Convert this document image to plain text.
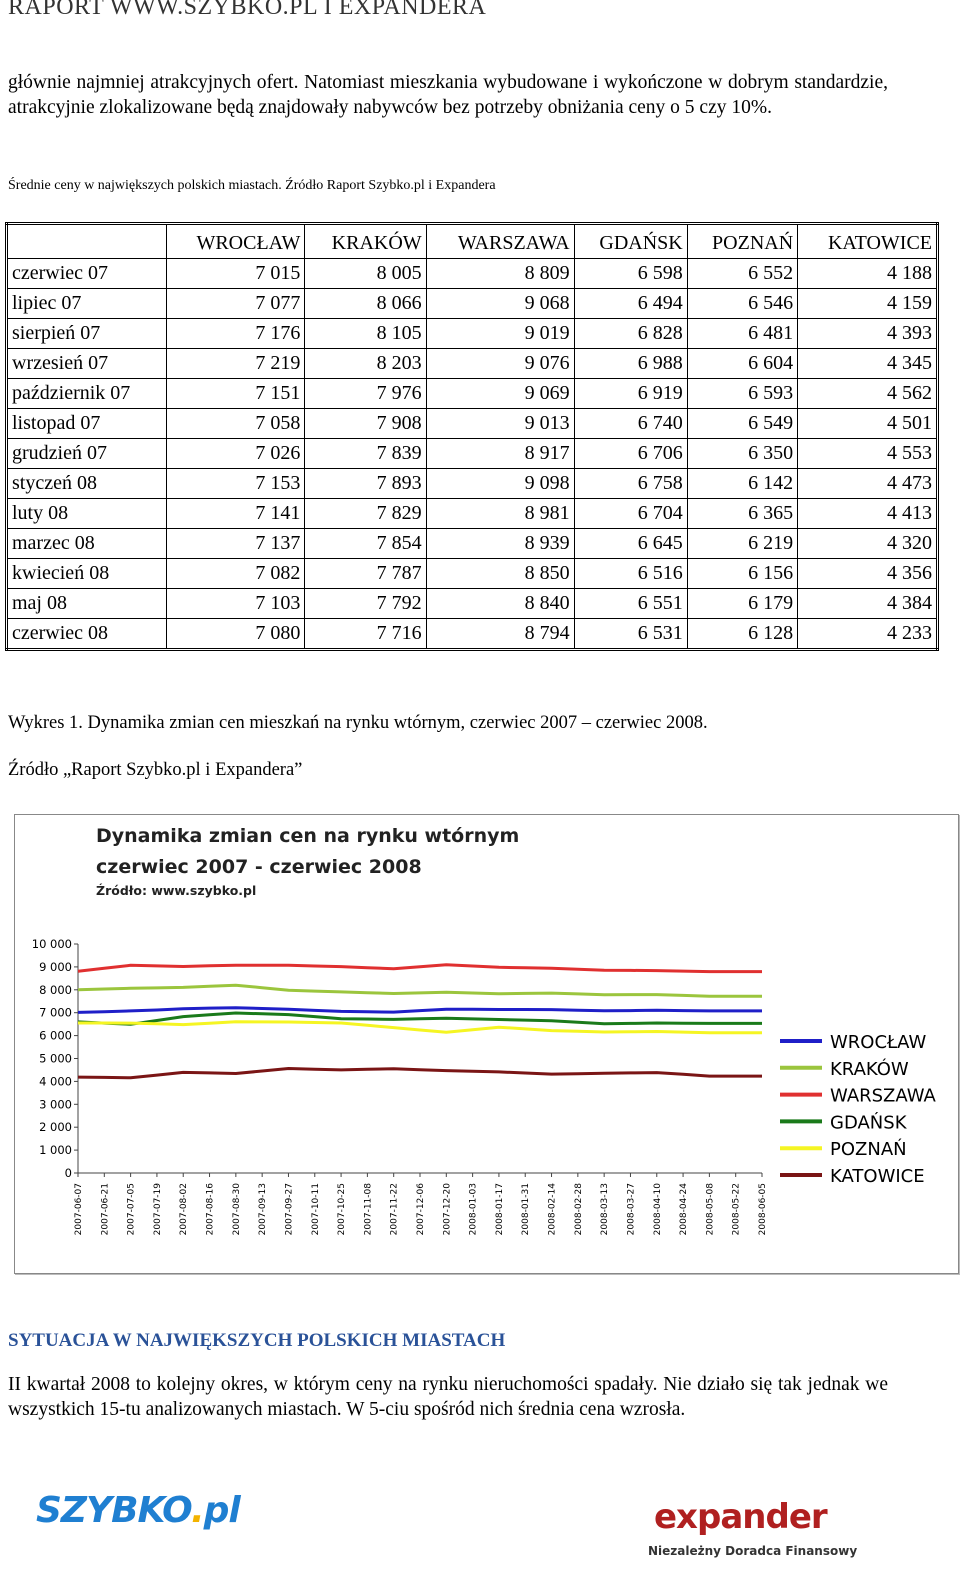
RAPORT WWW.SZYBKO.PL I EXPANDERA
głównie najmniej atrakcyjnych ofert. Natomiast mieszkania wybudowane i wykończone w dobrym standardzie, atrakcyjnie zlokalizowane będą znajdowały nabywców bez potrzeby obniżania ceny o 5 czy 10%.
Średnie ceny w największych polskich miastach. Źródło Raport Szybko.pl i Expandera
	WROCŁAW	KRAKÓW	WARSZAWA	GDAŃSK	POZNAŃ	KATOWICE
czerwiec 07	7 015	8 005	8 809	6 598	6 552	4 188
lipiec 07	7 077	8 066	9 068	6 494	6 546	4 159
sierpień 07	7 176	8 105	9 019	6 828	6 481	4 393
wrzesień 07	7 219	8 203	9 076	6 988	6 604	4 345
październik 07	7 151	7 976	9 069	6 919	6 593	4 562
listopad 07	7 058	7 908	9 013	6 740	6 549	4 501
grudzień 07	7 026	7 839	8 917	6 706	6 350	4 553
styczeń 08	7 153	7 893	9 098	6 758	6 142	4 473
luty 08	7 141	7 829	8 981	6 704	6 365	4 413
marzec 08	7 137	7 854	8 939	6 645	6 219	4 320
kwiecień 08	7 082	7 787	8 850	6 516	6 156	4 356
maj 08	7 103	7 792	8 840	6 551	6 179	4 384
czerwiec 08	7 080	7 716	8 794	6 531	6 128	4 233
Wykres 1. Dynamika zmian cen mieszkań na rynku wtórnym, czerwiec 2007 – czerwiec 2008.
Źródło „Raport Szybko.pl i Expandera”
Dynamika zmian cen na rynku wtórnym
czerwiec 2007 - czerwiec 2008
Źródło: www.szybko.pl
10 000
9 000
8 000
7 000
6 000
5 000
4 000
3 000
2 000
1 000
0
2007-06-07 2007-06-21 2007-07-05 2007-07-19 2007-08-02 2007-08-16 2007-08-30 2007-09-13 2007-09-27 2007-10-11 2007-10-25 2007-11-08 2007-11-22 2007-12-06 2007-12-20 2008-01-03 2008-01-17 2008-01-31 2008-02-14 2008-02-28 2008-03-13 2008-03-27 2008-04-10 2008-04-24 2008-05-08 2008-05-22 2008-06-05
WROCŁAW
KRAKÓW
WARSZAWA
GDAŃSK
POZNAŃ
KATOWICE
SYTUACJA W NAJWIĘKSZYCH POLSKICH MIASTACH
II kwartał 2008 to kolejny okres, w którym ceny na rynku nieruchomości spadały. Nie działo się tak jednak we wszystkich 15-tu analizowanych miastach. W 5-ciu spośród nich średnia cena wzrosła.
SZYBKO.pl	expander
Niezależny Doradca Finansowy
